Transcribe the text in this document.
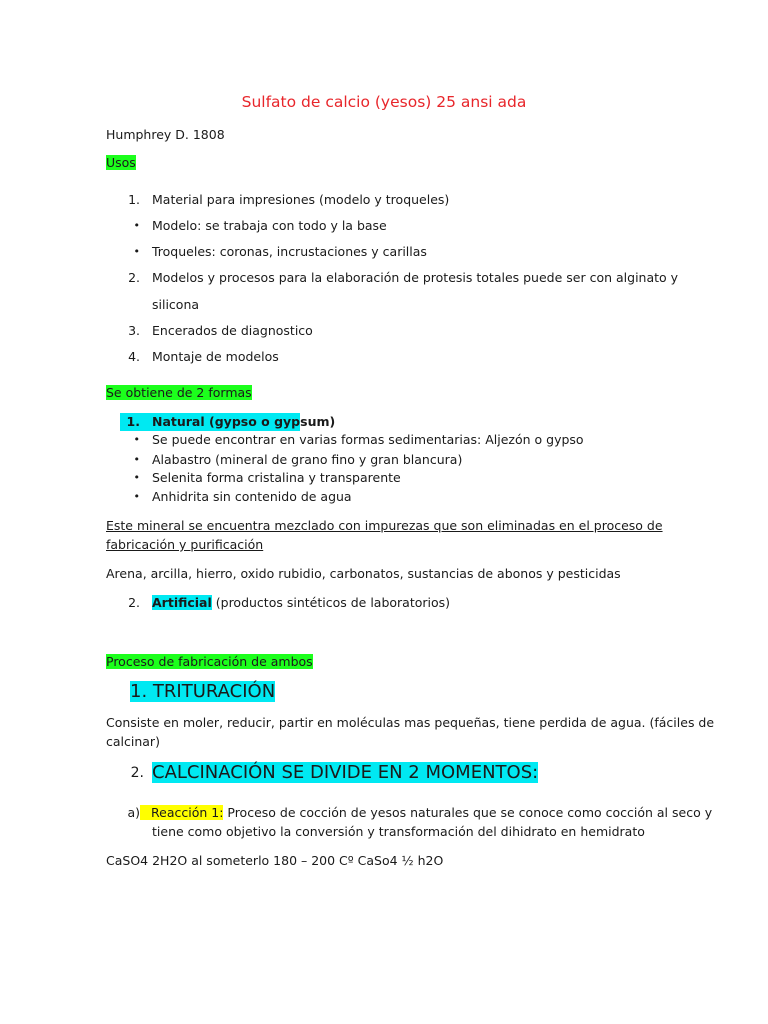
Sulfato de calcio (yesos) 25 ansi ada
Humphrey D. 1808
Usos
1. Material para impresiones (modelo y troqueles)
• Modelo: se trabaja con todo y la base
• Troqueles: coronas, incrustaciones y carillas
2. Modelos y procesos para la elaboración de protesis totales puede ser con alginato y
silicona
3. Encerados de diagnostico
4. Montaje de modelos
Se obtiene de 2 formas
1. Natural (gypso o gypsum)
• Se puede encontrar en varias formas sedimentarias: Aljezón o gypso
• Alabastro (mineral de grano fino y gran blancura)
• Selenita forma cristalina y transparente
• Anhidrita sin contenido de agua
Este mineral se encuentra mezclado con impurezas que son eliminadas en el proceso de
fabricación y purificación
Arena, arcilla, hierro, oxido rubidio, carbonatos, sustancias de abonos y pesticidas
2. Artificial (productos sintéticos de laboratorios)
Proceso de fabricación de ambos
1. TRITURACIÓN
Consiste en moler, reducir, partir en moléculas mas pequeñas, tiene perdida de agua. (fáciles de
calcinar)
2. CALCINACIÓN SE DIVIDE EN 2 MOMENTOS:
a) Reacción 1: Proceso de cocción de yesos naturales que se conoce como cocción al seco y
tiene como objetivo la conversión y transformación del dihidrato en hemidrato
CaSO4 2H2O al someterlo 180 – 200 Cº CaSo4 ½ h2O
